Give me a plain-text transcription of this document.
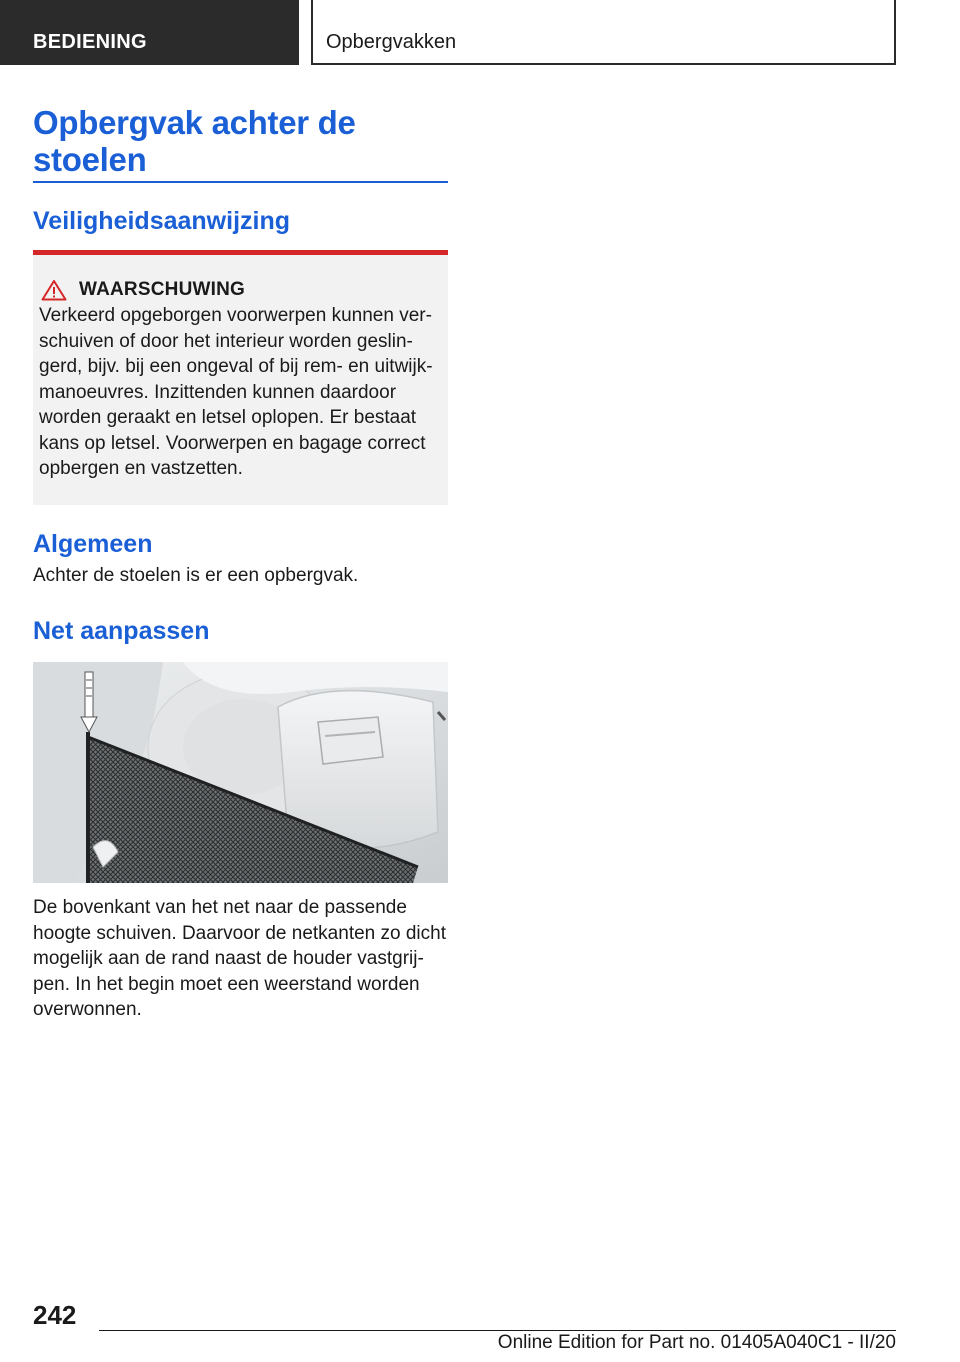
BEDIENING	Opbergvakken
Opbergvak achter de stoelen
Veiligheidsaanwijzing
WAARSCHUWING
Verkeerd opgeborgen voorwerpen kunnen ver-schuiven of door het interieur worden geslin-gerd, bijv. bij een ongeval of bij rem- en uitwijk-manoeuvres. Inzittenden kunnen daardoor worden geraakt en letsel oplopen. Er bestaat kans op letsel. Voorwerpen en bagage correct opbergen en vastzetten.
Algemeen
Achter de stoelen is er een opbergvak.
Net aanpassen
De bovenkant van het net naar de passende hoogte schuiven. Daarvoor de netkanten zo dicht mogelijk aan de rand naast de houder vastgrij-pen. In het begin moet een weerstand worden overwonnen.
242
Online Edition for Part no. 01405A040C1 - II/20
